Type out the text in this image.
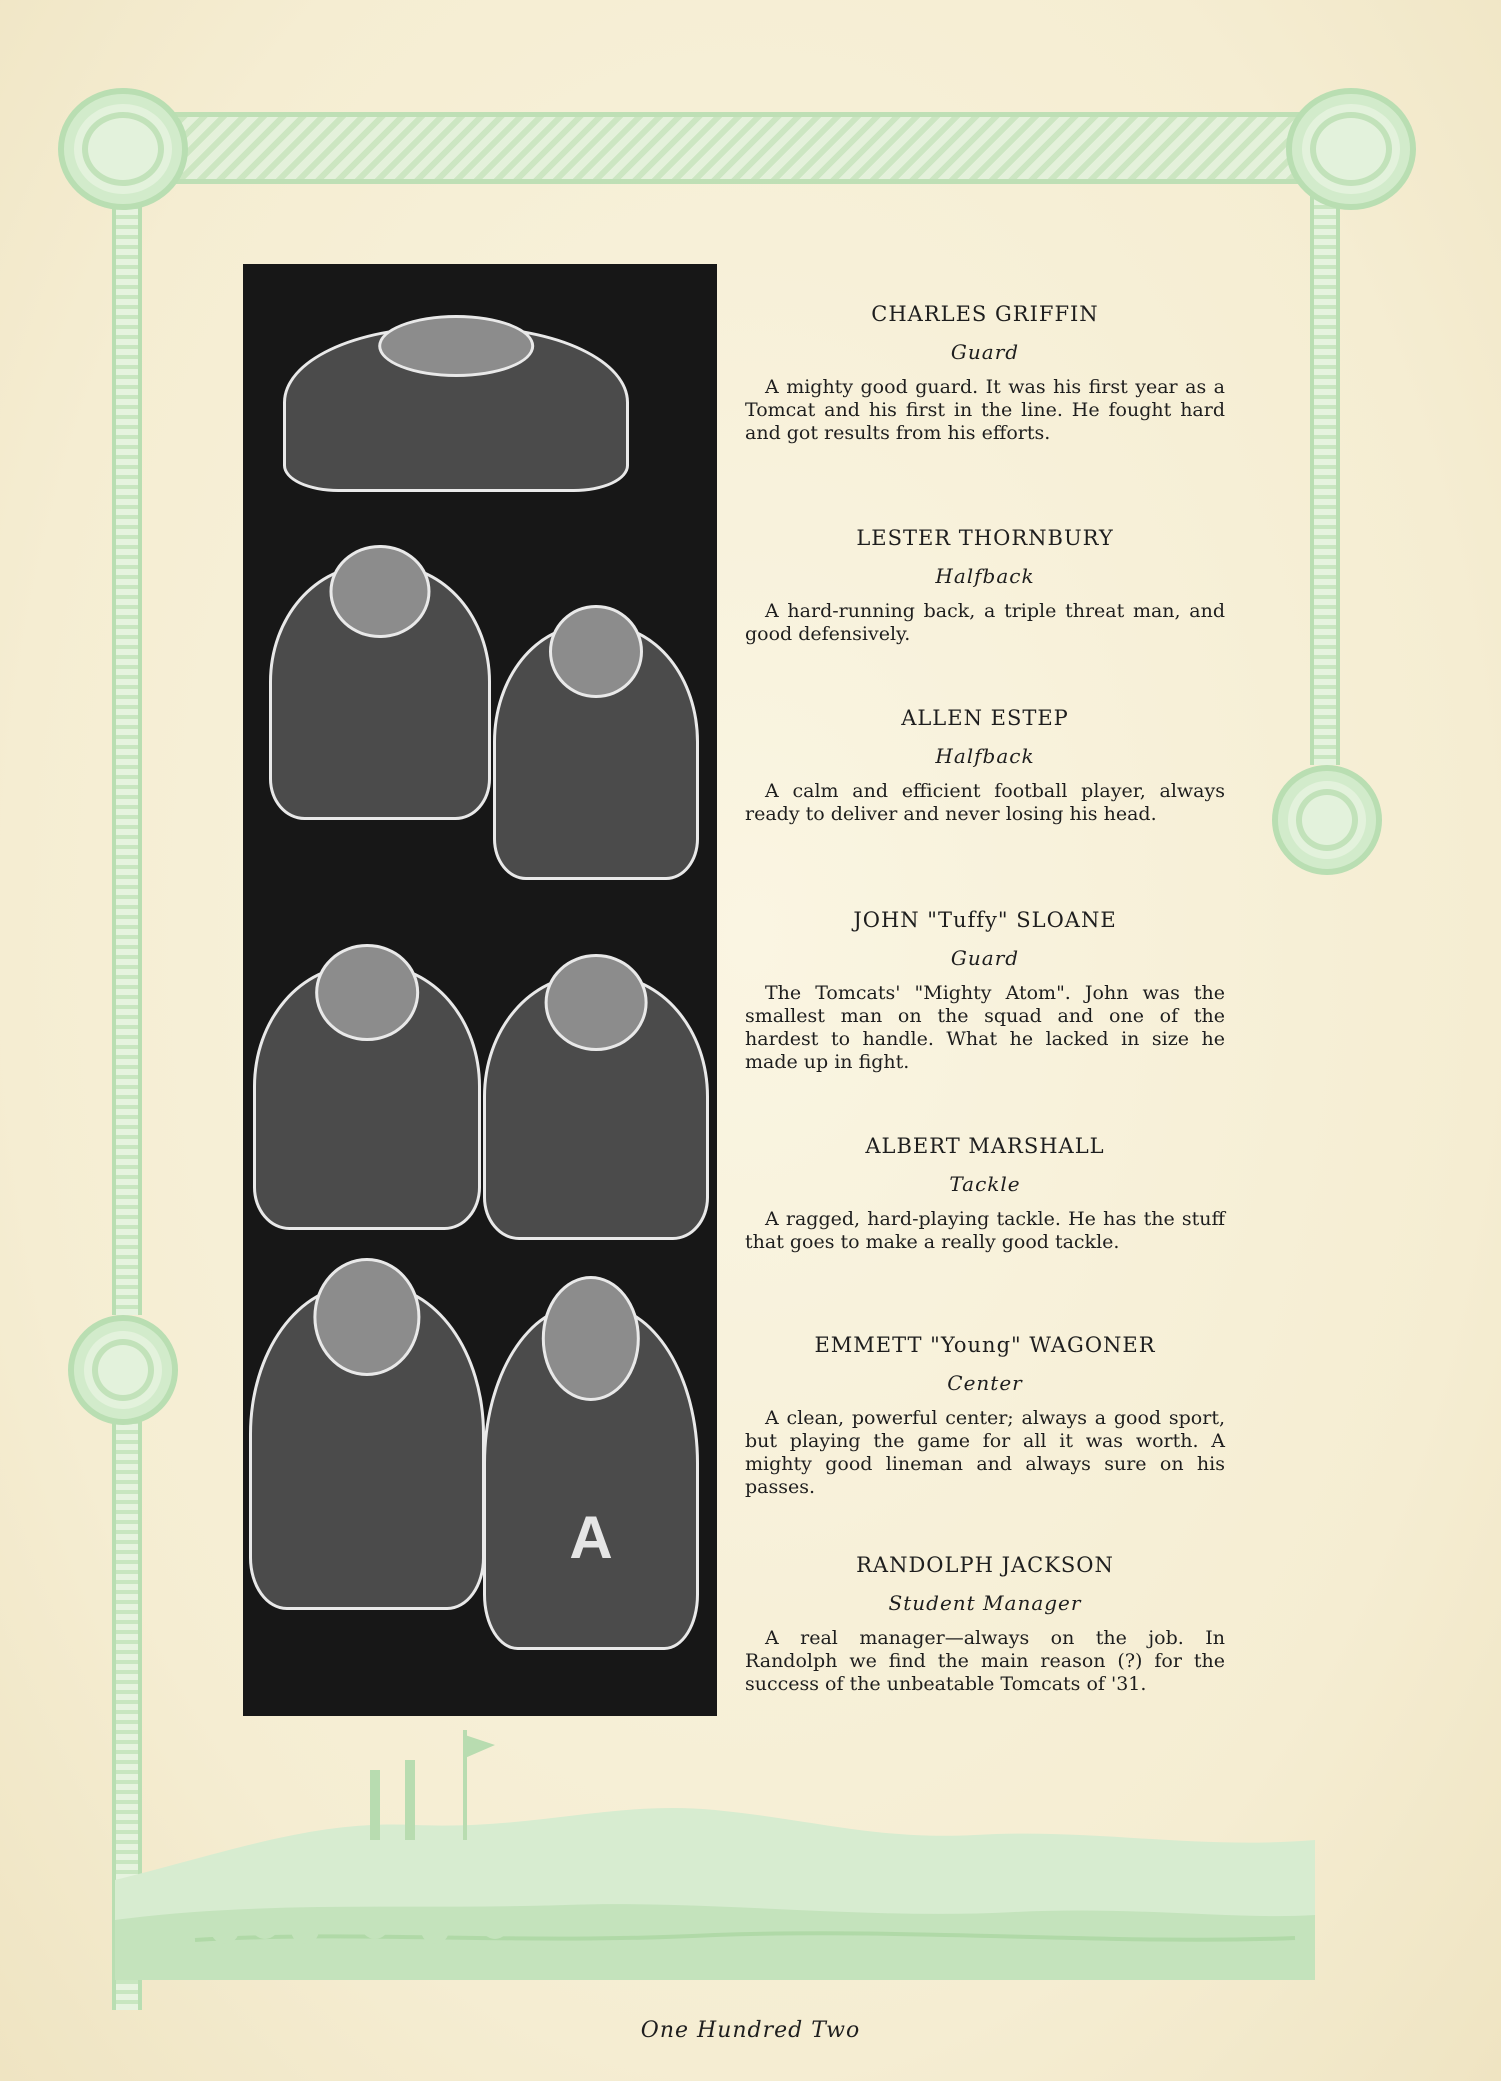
A

CHARLES GRIFFIN

Guard

A mighty good guard. It was his first year as a Tomcat and his first in the line. He fought hard and got results from his efforts.

LESTER THORNBURY

Halfback

A hard-running back, a triple threat man, and good defensively.

ALLEN ESTEP

Halfback

A calm and efficient football player, always ready to deliver and never losing his head.

JOHN "Tuffy" SLOANE

Guard

The Tomcats' "Mighty Atom". John was the smallest man on the squad and one of the hardest to handle. What he lacked in size he made up in fight.

ALBERT MARSHALL

Tackle

A ragged, hard-playing tackle. He has the stuff that goes to make a really good tackle.

EMMETT "Young" WAGONER

Center

A clean, powerful center; always a good sport, but playing the game for all it was worth. A mighty good lineman and always sure on his passes.

RANDOLPH JACKSON

Student Manager

A real manager—always on the job. In Randolph we find the main reason (?) for the success of the unbeatable Tomcats of '31.

One Hundred Two
